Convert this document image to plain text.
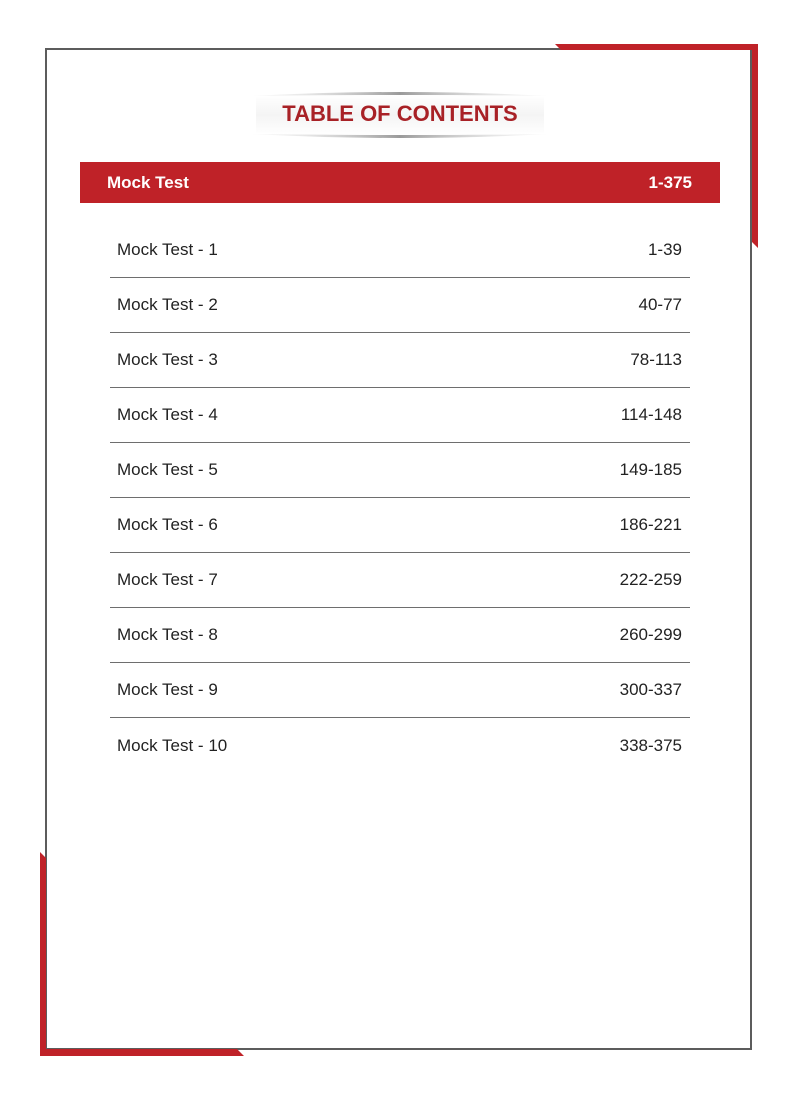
TABLE OF CONTENTS
Mock Test	1-375
Mock Test - 1	1-39
Mock Test - 2	40-77
Mock Test - 3	78-113
Mock Test - 4	114-148
Mock Test - 5	149-185
Mock Test - 6	186-221
Mock Test - 7	222-259
Mock Test - 8	260-299
Mock Test - 9	300-337
Mock Test - 10	338-375
